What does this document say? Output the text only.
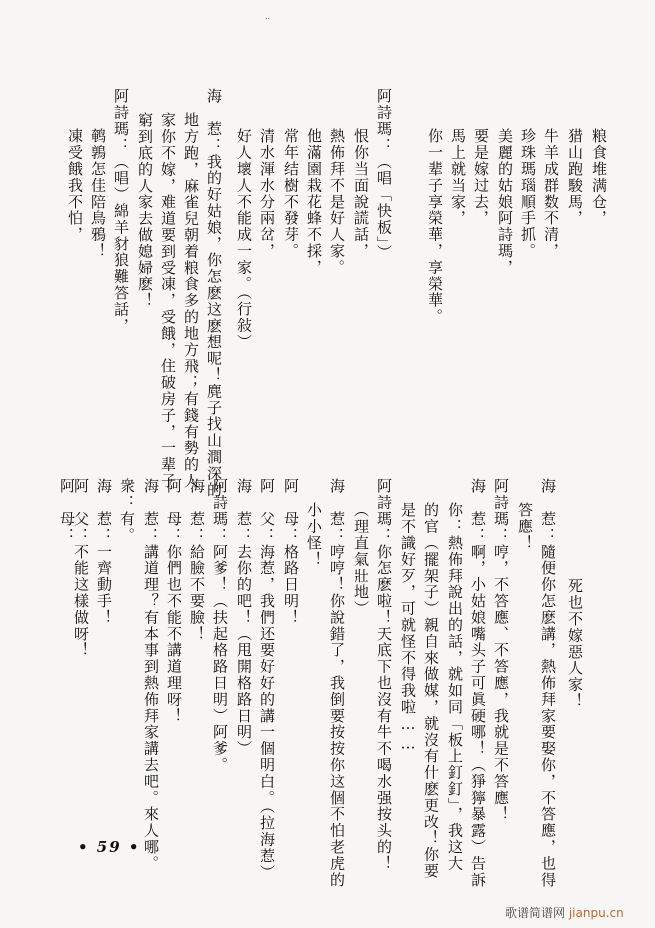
..
粮食堆满仓，
猎山跑駿馬，
牛羊成群数不清，
珍珠瑪瑙順手抓。
美麗的姑娘阿詩瑪，
要是嫁过去，
馬上就当家，
你一辈子享榮華，享榮華。
阿詩瑪：（唱「快板」）
恨你当面說謊話，
熱佈拜不是好人家。
他滿園栽花蜂不採，
常年结樹不發芽。
清水渾水分兩岔，
好人壞人不能成一家。（行敍）
海　惹：我的好姑娘，你怎麽这麽想呢！麂子找山澗深的
地方跑，麻雀兒朝着粮食多的地方飛；有錢有勢的人
家你不嫁，难道要到受凍，受餓，住破房子，一辈子
窮到底的人家去做媳婦麽！
阿詩瑪：（唱）綿羊豺狼難答話，
鹌鶉怎佳陪鳥鴉！
凍受餓我不怕，
死也不嫁惡人家！
海　惹：隨便你怎麽講，熱佈拜家要娶你，不答應，也得
答應！
阿詩瑪：哼，不答應、不答應，我就是不答應！
海　惹：啊，小姑娘嘴头子可眞硬哪！（猙獰暴露）告訴
你：熱佈拜說出的話，就如同「板上釘釘」，我这大
的官（擺架子）親自來做媒，就沒有什麽更改！你要
是不識好歹，可就怪不得我啦……
阿詩瑪：你怎麽啦！天底下也沒有牛不喝水强按头的！
（理直氣壯地）
海　惹：哼哼！你說錯了，我倒要按按你这個不怕老虎的
小小怪！
阿　母：格路日明！
阿　父：海惹，我們还要好好的講一個明白。（拉海惹）
海　惹：去你的吧！（甩開格路日明）
阿詩瑪：阿爹！（扶起格路日明）阿爹。
海　惹：給臉不要臉！
阿　母：你們也不能不講道理呀！
海　惹：講道理？有本事到熱佈拜家講去吧。來人哪。
衆：有。
海　惹：一齊動手！
阿　父：不能这樣做呀！
阿　母：
• 59 •
歌谱简谱网 jianpu.cn
